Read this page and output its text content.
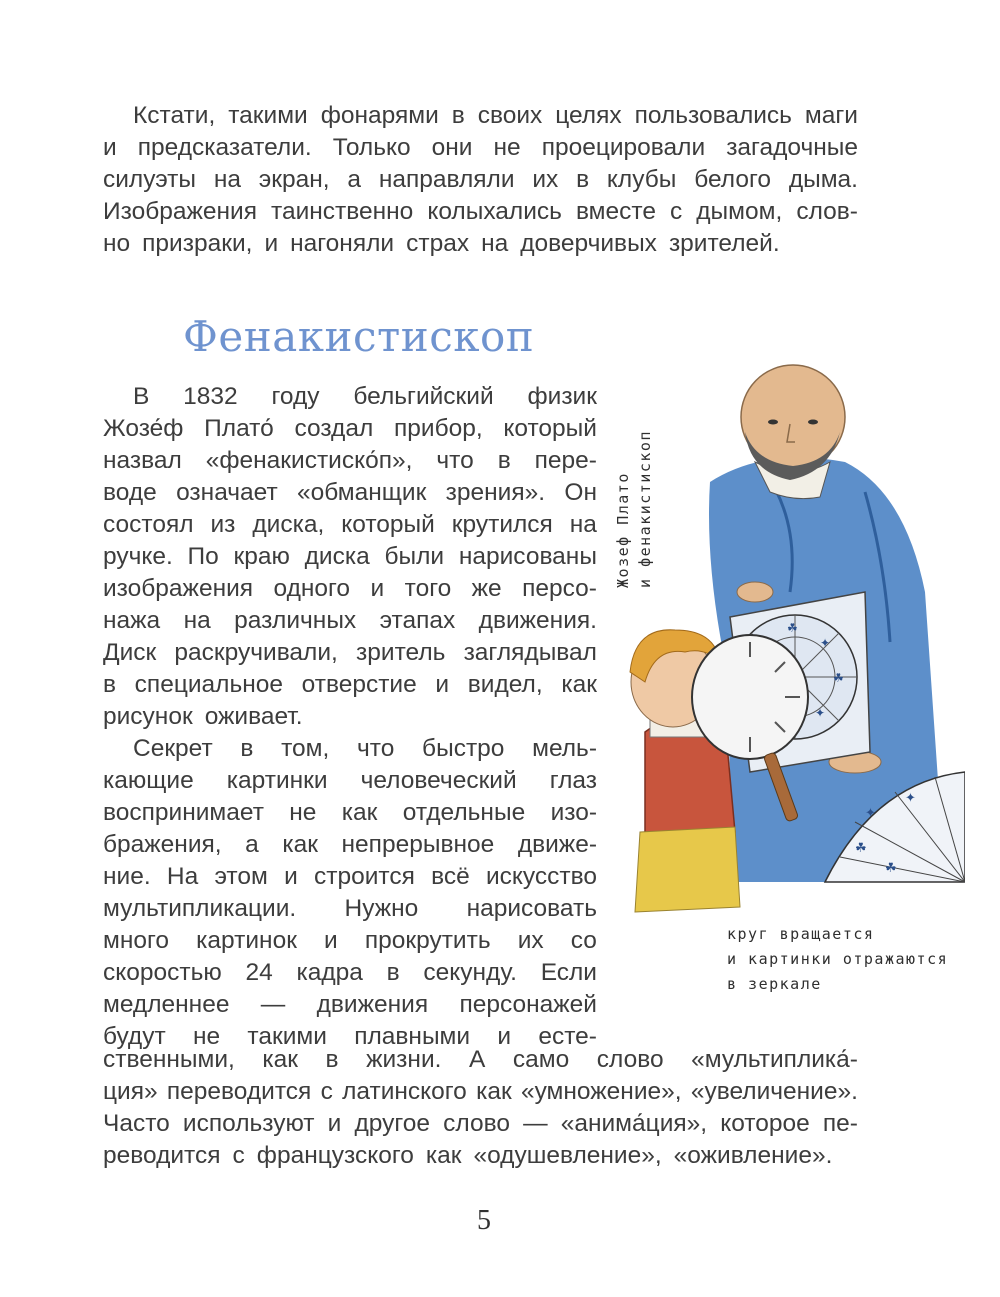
Кстати, такими фонарями в своих целях пользовались маги
и предсказатели. Только они не проецировали загадочные
силуэты на экран, а направляли их в клубы белого дыма.
Изображения таинственно колыхались вместе с дымом, слов-
но призраки, и нагоняли страх на доверчивых зрителей.
Фенакистископ
В 1832 году бельгийский физик
Жозе́ф Плато́ создал прибор, который
назвал «фенакистиско́п», что в пере-
воде означает «обманщик зрения». Он
состоял из диска, который крутился на
ручке. По краю диска были нарисованы
изображения одного и того же персо-
нажа на различных этапах движения.
Диск раскручивали, зритель заглядывал
в специальное отверстие и видел, как
рисунок оживает.
Секрет в том, что быстро мель-
кающие картинки человеческий глаз
воспринимает не как отдельные изо-
бражения, а как непрерывное движе-
ние. На этом и строится всё искусство
мультипликации. Нужно нарисовать
много картинок и прокрутить их со
скоростью 24 кадра в секунду. Если
медленнее — движения персонажей
будут не такими плавными и есте-
ственными, как в жизни. А само слово «мультиплика́-
ция» переводится с латинского как «умножение», «увеличение».
Часто используют и другое слово — «анима́ция», которое пе-
реводится с французского как «одушевление», «оживление».
☘
✦
☘
✦
✦
☘
✦
☘
Жозеф Плато и фенакистископ
круг вращается
и картинки отражаются
в зеркале
5
